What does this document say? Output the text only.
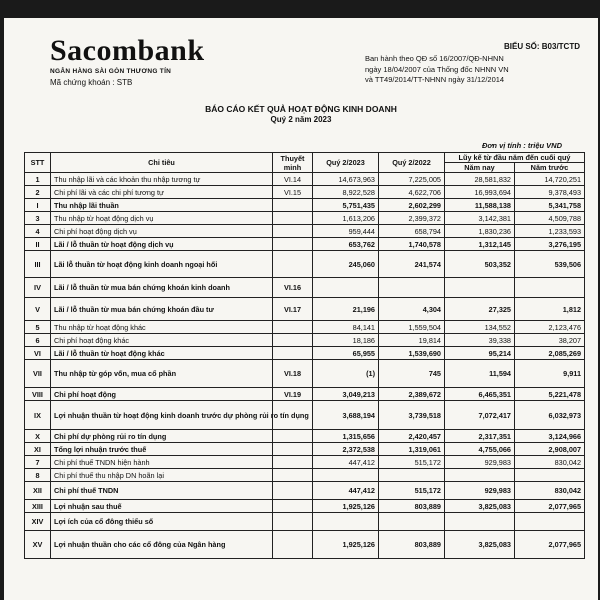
Sacombank
NGÂN HÀNG SÀI GÒN THƯƠNG TÍN
Mã chứng khoán : STB
BIỂU SỐ: B03/TCTD
Ban hành theo QĐ số 16/2007/QĐ-NHNN
ngày 18/04/2007 của Thống đốc NHNN VN
và TT49/2014/TT-NHNN ngày 31/12/2014
BÁO CÁO KẾT QUẢ HOẠT ĐỘNG KINH DOANH
Quý 2 năm 2023
Đơn vị tính : triệu VND
STT	Chỉ tiêu	Thuyết minh	Quý 2/2023	Quý 2/2022	Lũy kế từ đầu năm đến cuối quý	
					Năm nay	Năm trước
1	Thu nhập lãi và các khoản thu nhập tương tự	VI.14	14,673,963	7,225,005	28,581,832	14,720,251
2	Chi phí lãi và các chi phí tương tự	VI.15	8,922,528	4,622,706	16,993,694	9,378,493
I	Thu nhập lãi thuần		5,751,435	2,602,299	11,588,138	5,341,758
3	Thu nhập từ hoạt động dịch vụ		1,613,206	2,399,372	3,142,381	4,509,788
4	Chi phí hoạt động dịch vụ		959,444	658,794	1,830,236	1,233,593
II	Lãi / lỗ thuần từ hoạt động dịch vụ		653,762	1,740,578	1,312,145	3,276,195
III	Lãi lỗ thuần từ hoạt động kinh doanh ngoại hối		245,060	241,574	503,352	539,506
IV	Lãi / lỗ thuần từ mua bán chứng khoán kinh doanh	VI.16				
V	Lãi / lỗ thuần từ mua bán chứng khoán đầu tư	VI.17	21,196	4,304	27,325	1,812
5	Thu nhập từ hoạt động khác		84,141	1,559,504	134,552	2,123,476
6	Chi phí hoạt động khác		18,186	19,814	39,338	38,207
VI	Lãi / lỗ thuần từ hoạt động khác		65,955	1,539,690	95,214	2,085,269
VII	Thu nhập từ góp vốn, mua cổ phần	VI.18	(1)	745	11,594	9,911
VIII	Chi phí hoạt động	VI.19	3,049,213	2,389,672	6,465,351	5,221,478
IX	Lợi nhuận thuần từ hoạt động kinh doanh trước dự phòng rủi ro tín dụng		3,688,194	3,739,518	7,072,417	6,032,973
X	Chi phí dự phòng rủi ro tín dụng		1,315,656	2,420,457	2,317,351	3,124,966
XI	Tổng lợi nhuận trước thuế		2,372,538	1,319,061	4,755,066	2,908,007
7	Chi phí thuế TNDN hiện hành		447,412	515,172	929,983	830,042
8	Chi phí thuế thu nhập DN hoãn lại					
XII	Chi phí thuế TNDN		447,412	515,172	929,983	830,042
XIII	Lợi nhuận sau thuế		1,925,126	803,889	3,825,083	2,077,965
XIV	Lợi ích của cổ đông thiểu số					
XV	Lợi nhuận thuần cho các cổ đông của Ngân hàng		1,925,126	803,889	3,825,083	2,077,965
